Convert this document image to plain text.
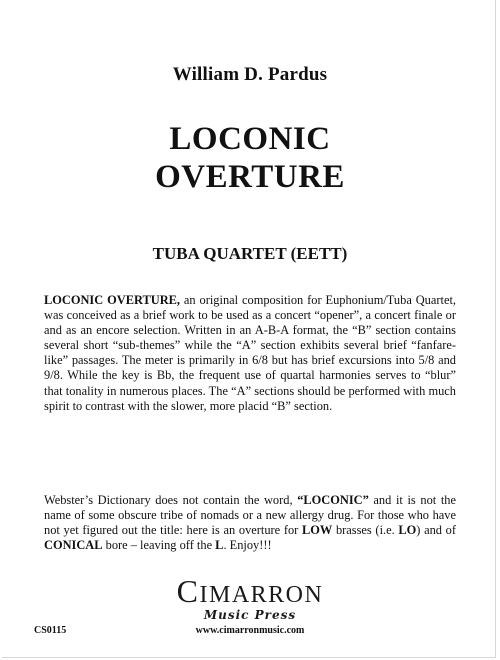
William D. Pardus
LOCONIC
OVERTURE
TUBA QUARTET (EETT)
LOCONIC OVERTURE, an original composition for Euphonium/Tuba Quartet, was conceived as a brief work to be used as a concert “opener”, a concert finale or and as an encore selection. Written in an A-B-A format, the “B” section contains several short “sub-themes” while the “A” section exhibits several brief “fanfare-like” passages. The meter is primarily in 6/8 but has brief excursions into 5/8 and 9/8. While the key is Bb, the frequent use of quartal harmonies serves to “blur” that tonality in numerous places. The “A” sections should be performed with much spirit to contrast with the slower, more placid “B” section.
Webster’s Dictionary does not contain the word, “LOCONIC” and it is not the name of some obscure tribe of nomads or a new allergy drug. For those who have not yet figured out the title: here is an overture for LOW brasses (i.e. LO) and of CONICAL bore – leaving off the L. Enjoy!!!
CIMARRON
Music Press
CS0115	www.cimarronmusic.com
